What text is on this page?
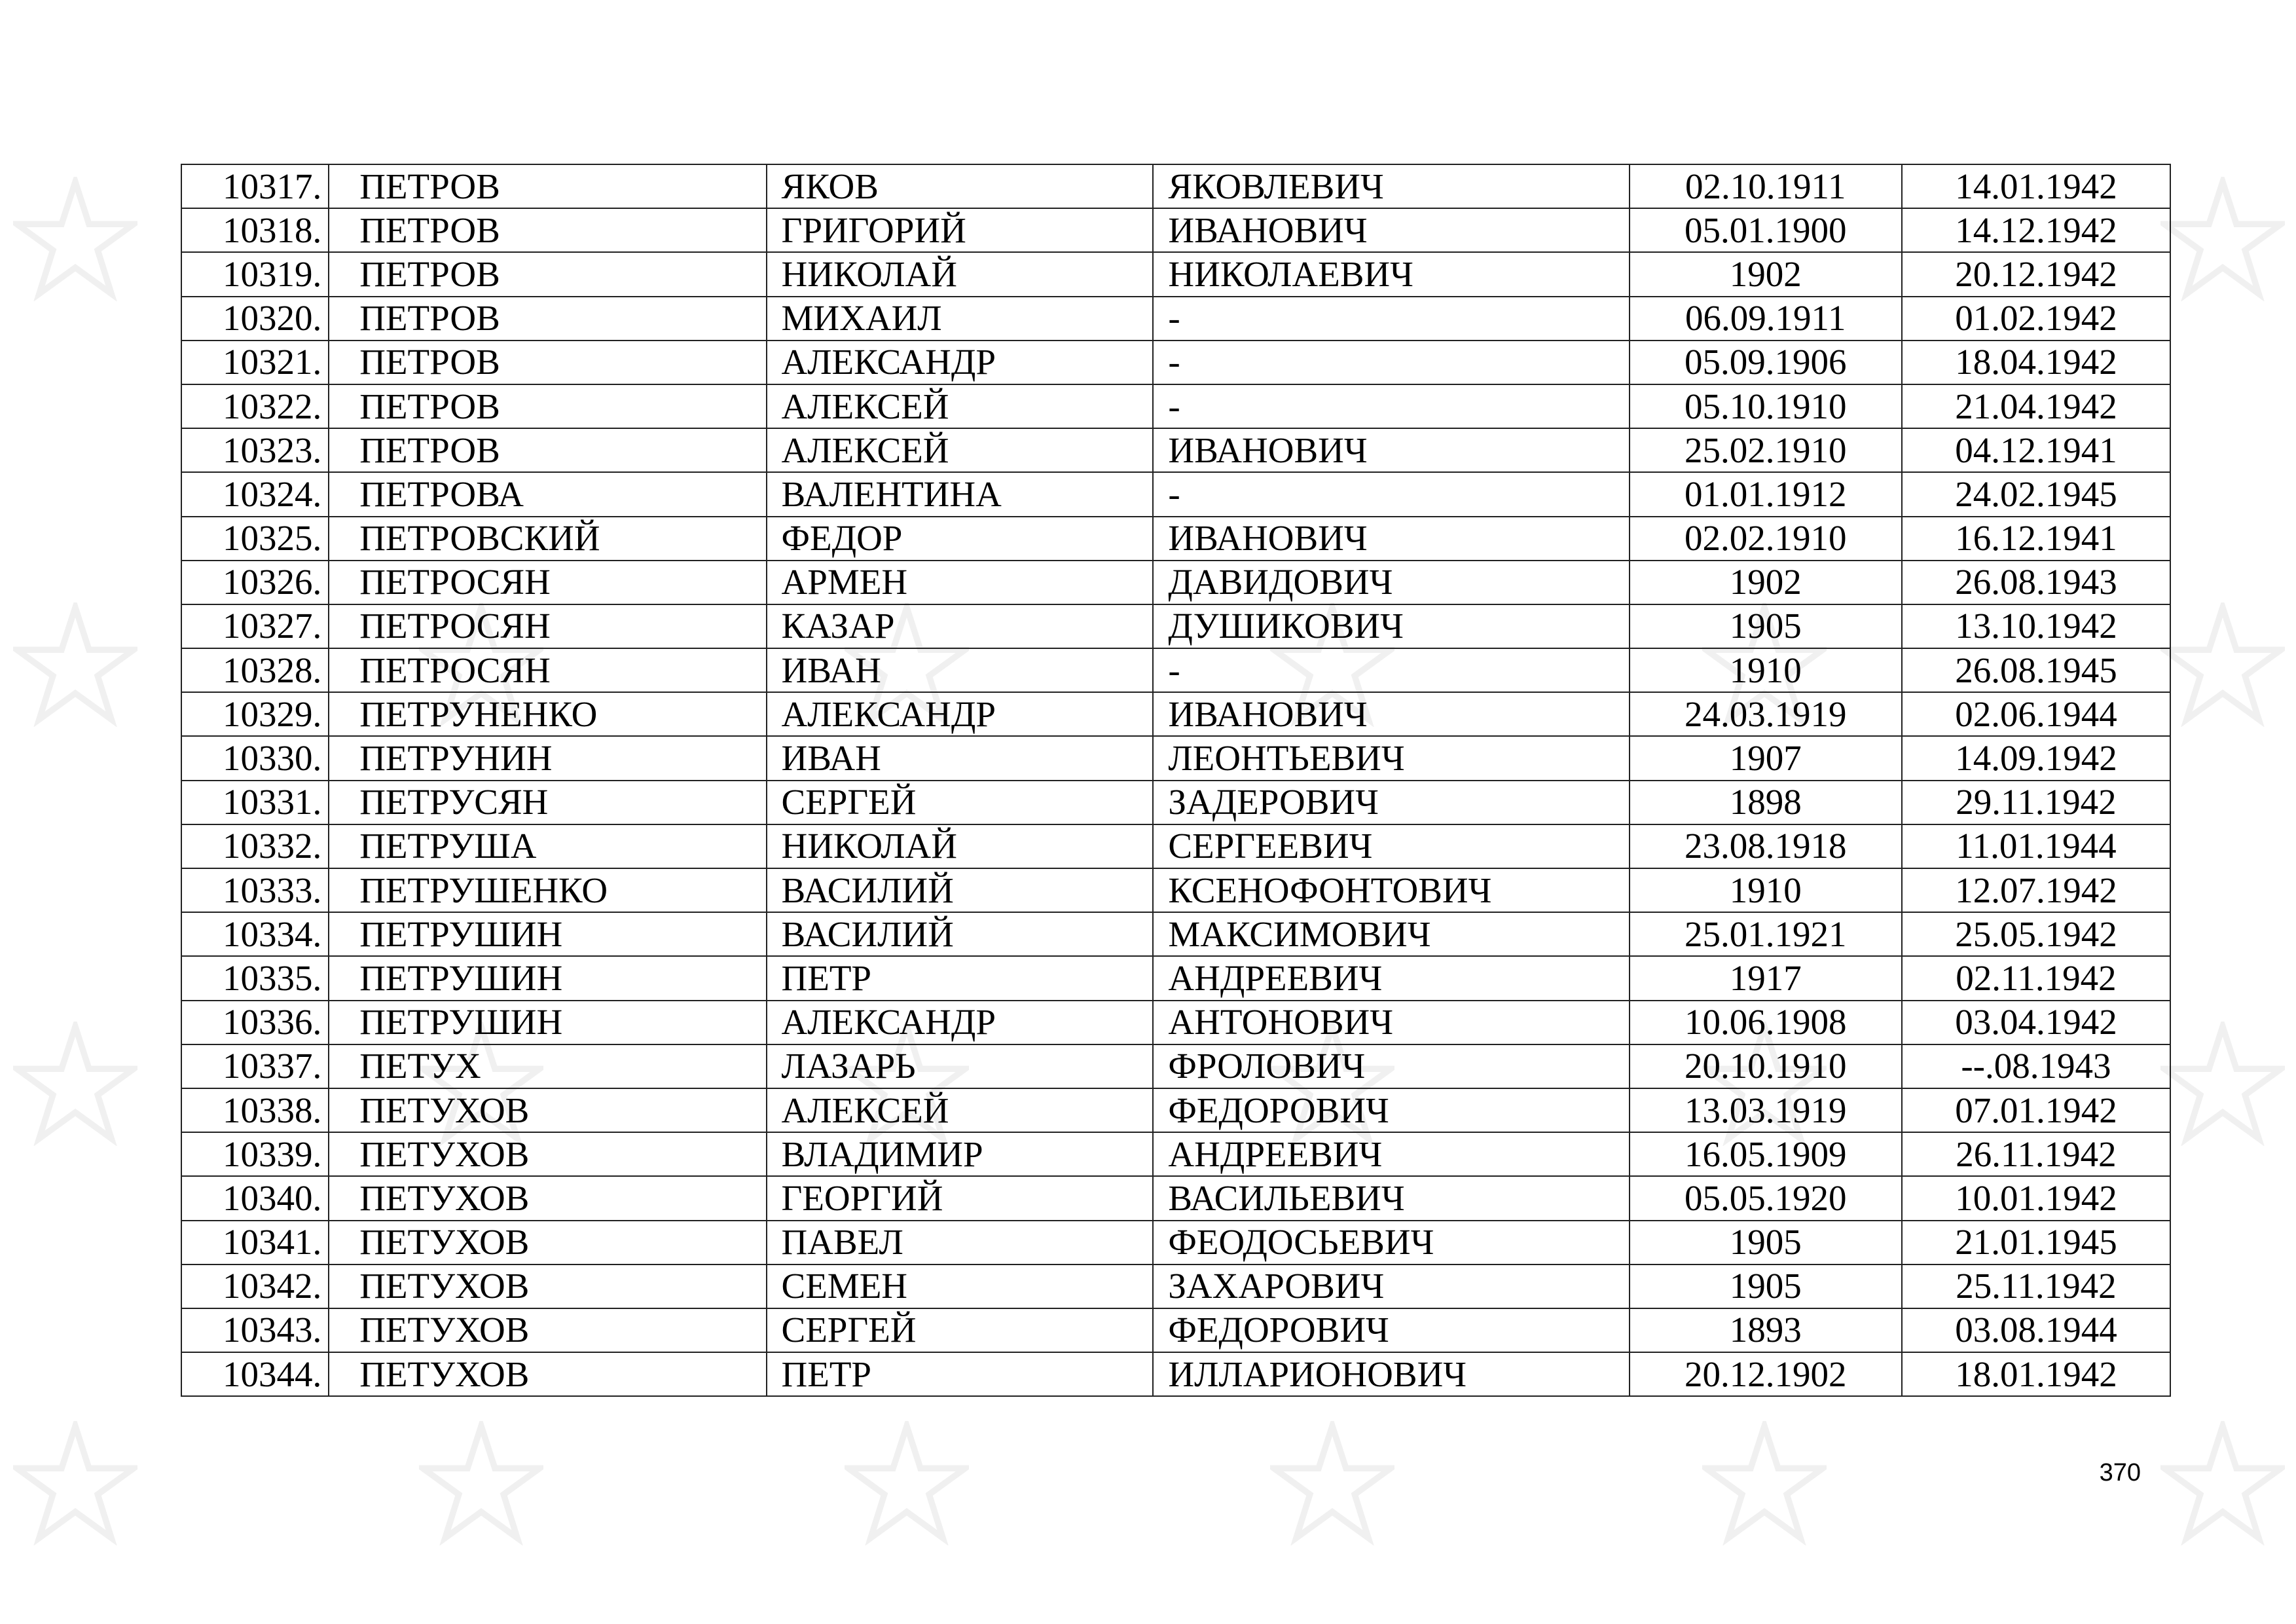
10317.	ПЕТРОВ	ЯКОВ	ЯКОВЛЕВИЧ	02.10.1911	14.01.1942
10318.	ПЕТРОВ	ГРИГОРИЙ	ИВАНОВИЧ	05.01.1900	14.12.1942
10319.	ПЕТРОВ	НИКОЛАЙ	НИКОЛАЕВИЧ	1902	20.12.1942
10320.	ПЕТРОВ	МИХАИЛ	-	06.09.1911	01.02.1942
10321.	ПЕТРОВ	АЛЕКСАНДР	-	05.09.1906	18.04.1942
10322.	ПЕТРОВ	АЛЕКСЕЙ	-	05.10.1910	21.04.1942
10323.	ПЕТРОВ	АЛЕКСЕЙ	ИВАНОВИЧ	25.02.1910	04.12.1941
10324.	ПЕТРОВА	ВАЛЕНТИНА	-	01.01.1912	24.02.1945
10325.	ПЕТРОВСКИЙ	ФЕДОР	ИВАНОВИЧ	02.02.1910	16.12.1941
10326.	ПЕТРОСЯН	АРМЕН	ДАВИДОВИЧ	1902	26.08.1943
10327.	ПЕТРОСЯН	КАЗАР	ДУШИКОВИЧ	1905	13.10.1942
10328.	ПЕТРОСЯН	ИВАН	-	1910	26.08.1945
10329.	ПЕТРУНЕНКО	АЛЕКСАНДР	ИВАНОВИЧ	24.03.1919	02.06.1944
10330.	ПЕТРУНИН	ИВАН	ЛЕОНТЬЕВИЧ	1907	14.09.1942
10331.	ПЕТРУСЯН	СЕРГЕЙ	ЗАДЕРОВИЧ	1898	29.11.1942
10332.	ПЕТРУША	НИКОЛАЙ	СЕРГЕЕВИЧ	23.08.1918	11.01.1944
10333.	ПЕТРУШЕНКО	ВАСИЛИЙ	КСЕНОФОНТОВИЧ	1910	12.07.1942
10334.	ПЕТРУШИН	ВАСИЛИЙ	МАКСИМОВИЧ	25.01.1921	25.05.1942
10335.	ПЕТРУШИН	ПЕТР	АНДРЕЕВИЧ	1917	02.11.1942
10336.	ПЕТРУШИН	АЛЕКСАНДР	АНТОНОВИЧ	10.06.1908	03.04.1942
10337.	ПЕТУХ	ЛАЗАРЬ	ФРОЛОВИЧ	20.10.1910	--.08.1943
10338.	ПЕТУХОВ	АЛЕКСЕЙ	ФЕДОРОВИЧ	13.03.1919	07.01.1942
10339.	ПЕТУХОВ	ВЛАДИМИР	АНДРЕЕВИЧ	16.05.1909	26.11.1942
10340.	ПЕТУХОВ	ГЕОРГИЙ	ВАСИЛЬЕВИЧ	05.05.1920	10.01.1942
10341.	ПЕТУХОВ	ПАВЕЛ	ФЕОДОСЬЕВИЧ	1905	21.01.1945
10342.	ПЕТУХОВ	СЕМЕН	ЗАХАРОВИЧ	1905	25.11.1942
10343.	ПЕТУХОВ	СЕРГЕЙ	ФЕДОРОВИЧ	1893	03.08.1944
10344.	ПЕТУХОВ	ПЕТР	ИЛЛАРИОНОВИЧ	20.12.1902	18.01.1942
370
